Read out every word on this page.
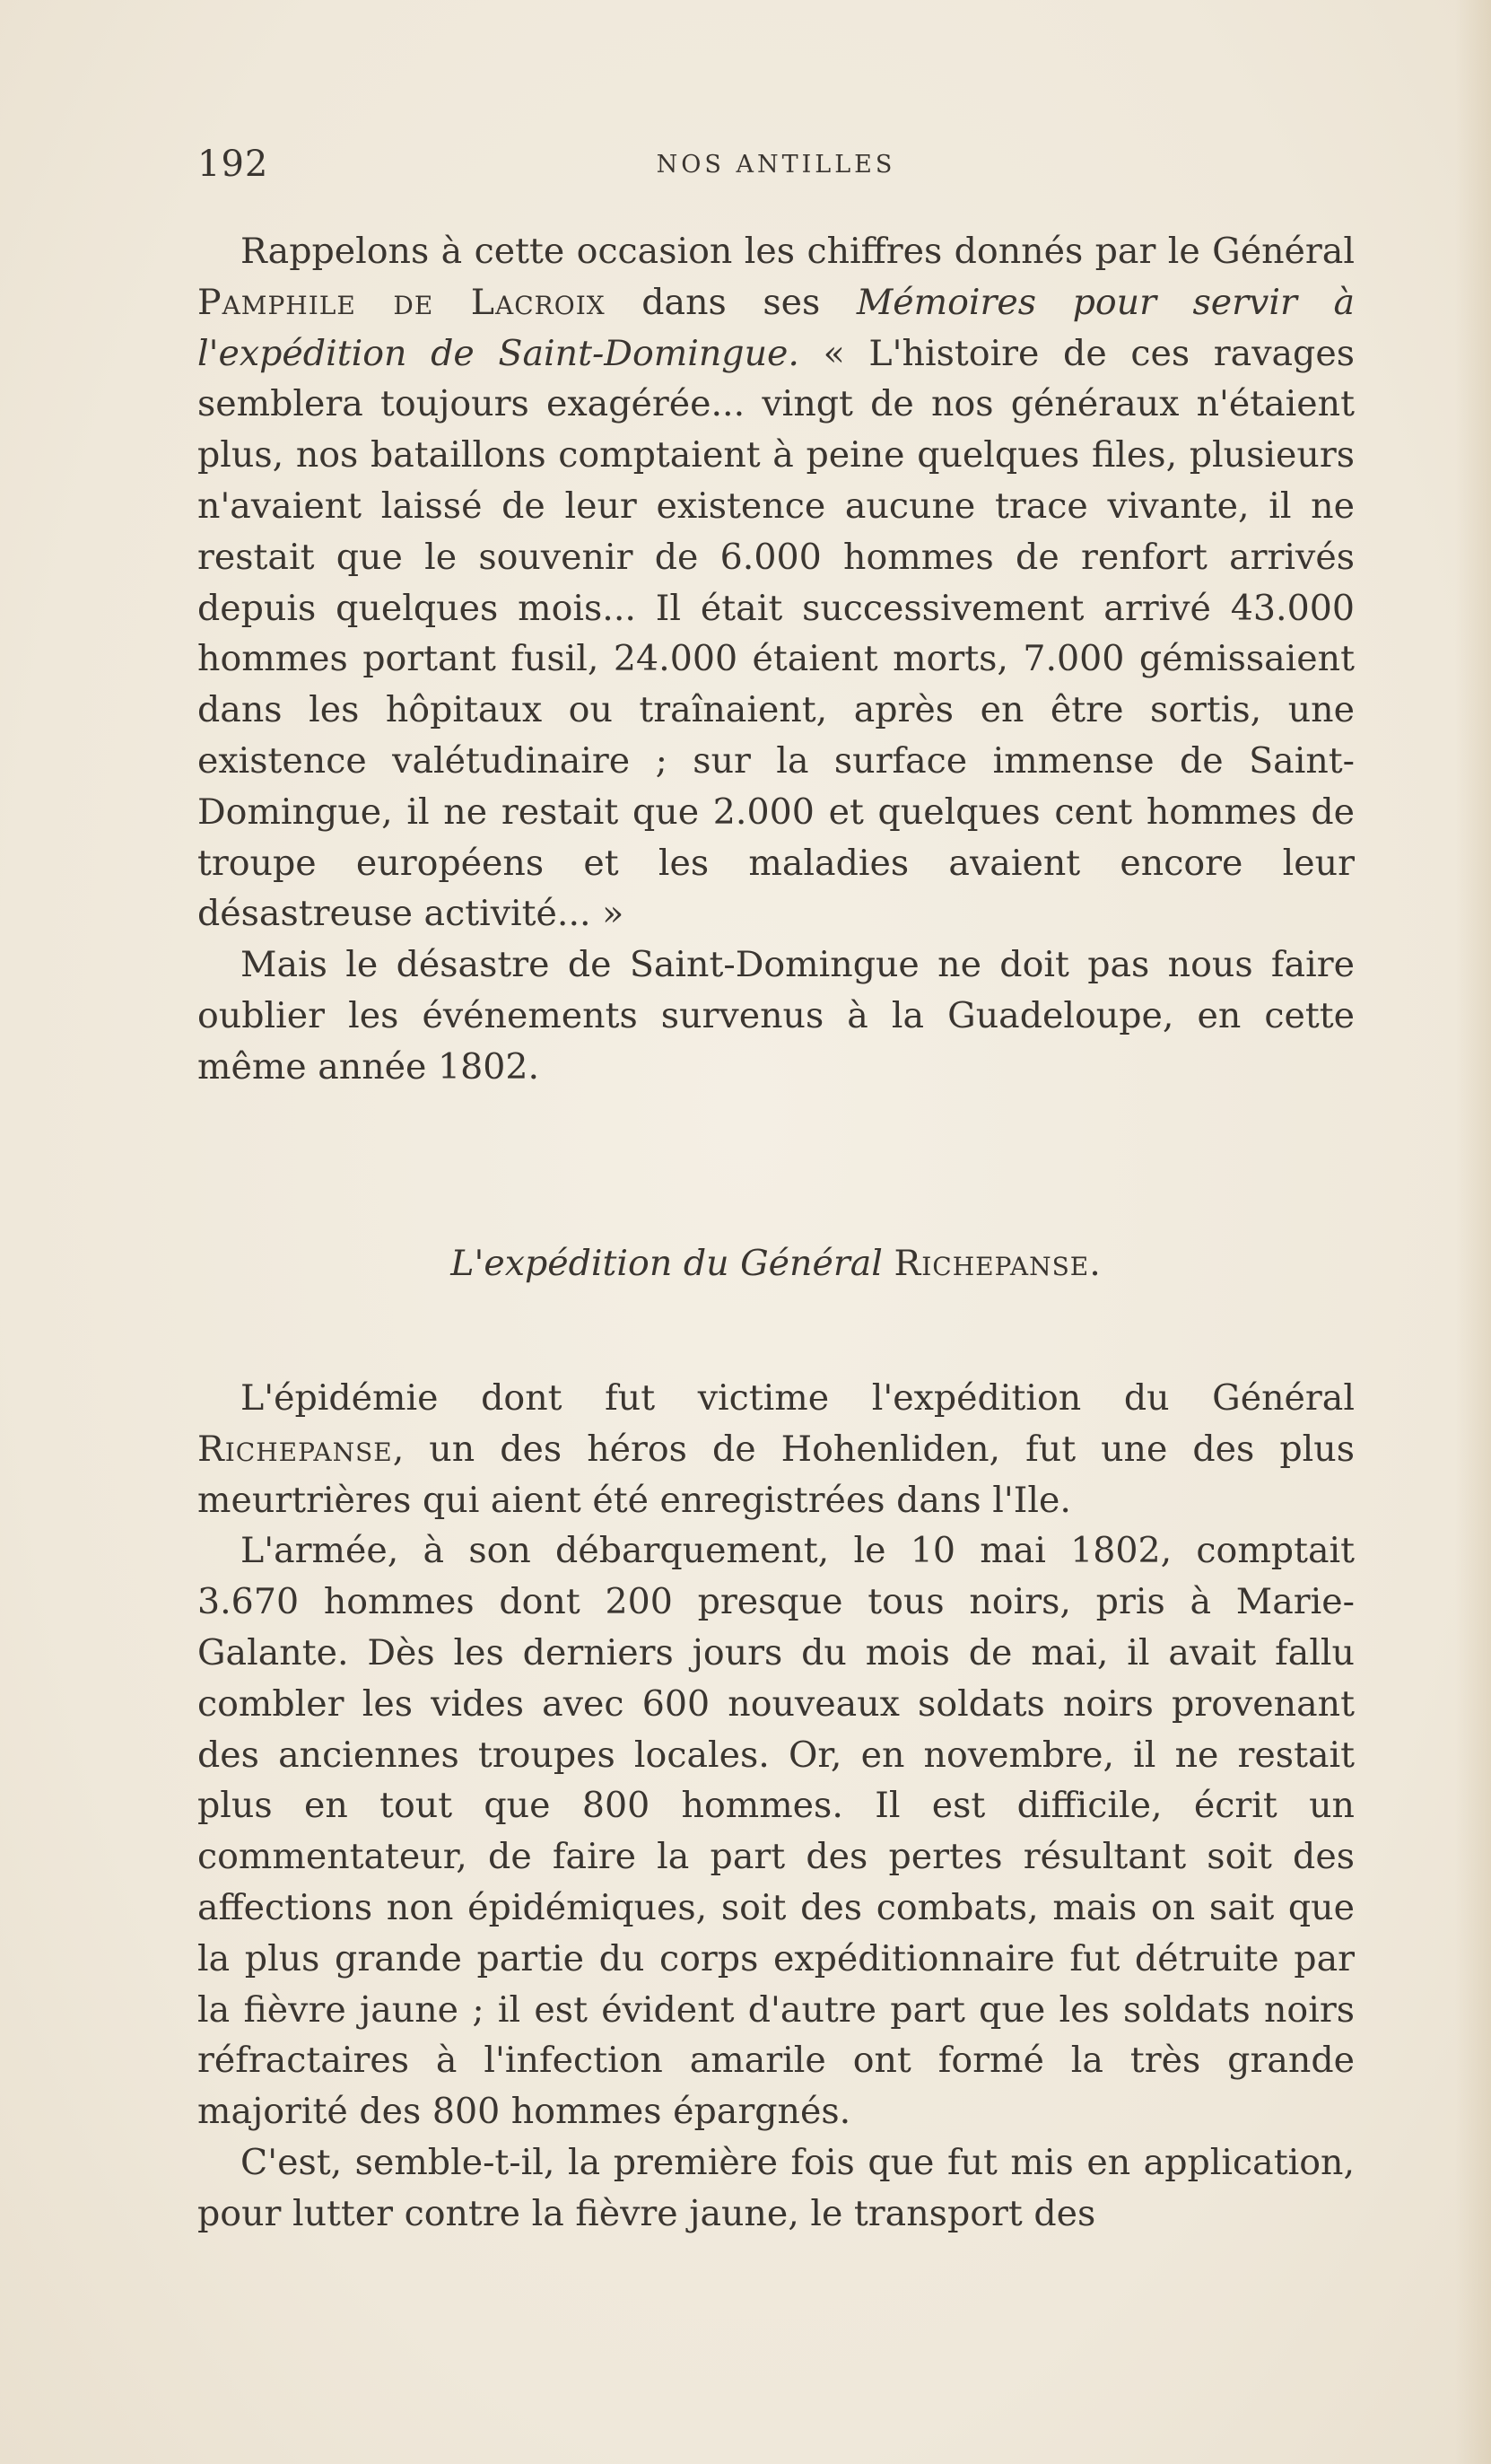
192	NOS ANTILLES

Rappelons à cette occasion les chiffres donnés par le Général Pamphile de Lacroix dans ses Mémoires pour servir à l'expédition de Saint-Domingue. « L'histoire de ces ravages semblera toujours exagérée... vingt de nos généraux n'étaient plus, nos bataillons comptaient à peine quelques files, plusieurs n'avaient laissé de leur existence aucune trace vivante, il ne restait que le souvenir de 6.000 hommes de renfort arrivés depuis quelques mois... Il était successivement arrivé 43.000 hommes portant fusil, 24.000 étaient morts, 7.000 gémissaient dans les hôpitaux ou traînaient, après en être sortis, une existence valétudinaire ; sur la surface immense de Saint-Domingue, il ne restait que 2.000 et quelques cent hommes de troupe européens et les maladies avaient encore leur désastreuse activité... »

Mais le désastre de Saint-Domingue ne doit pas nous faire oublier les événements survenus à la Guadeloupe, en cette même année 1802.

L'expédition du Général Richepanse.

L'épidémie dont fut victime l'expédition du Général Richepanse, un des héros de Hohenliden, fut une des plus meurtrières qui aient été enregistrées dans l'Ile.

L'armée, à son débarquement, le 10 mai 1802, comptait 3.670 hommes dont 200 presque tous noirs, pris à Marie-Galante. Dès les derniers jours du mois de mai, il avait fallu combler les vides avec 600 nouveaux soldats noirs provenant des anciennes troupes locales. Or, en novembre, il ne restait plus en tout que 800 hommes. Il est difficile, écrit un commentateur, de faire la part des pertes résultant soit des affections non épidémiques, soit des combats, mais on sait que la plus grande partie du corps expéditionnaire fut détruite par la fièvre jaune ; il est évident d'autre part que les soldats noirs réfractaires à l'infection amarile ont formé la très grande majorité des 800 hommes épargnés.

C'est, semble-t-il, la première fois que fut mis en application, pour lutter contre la fièvre jaune, le transport des
